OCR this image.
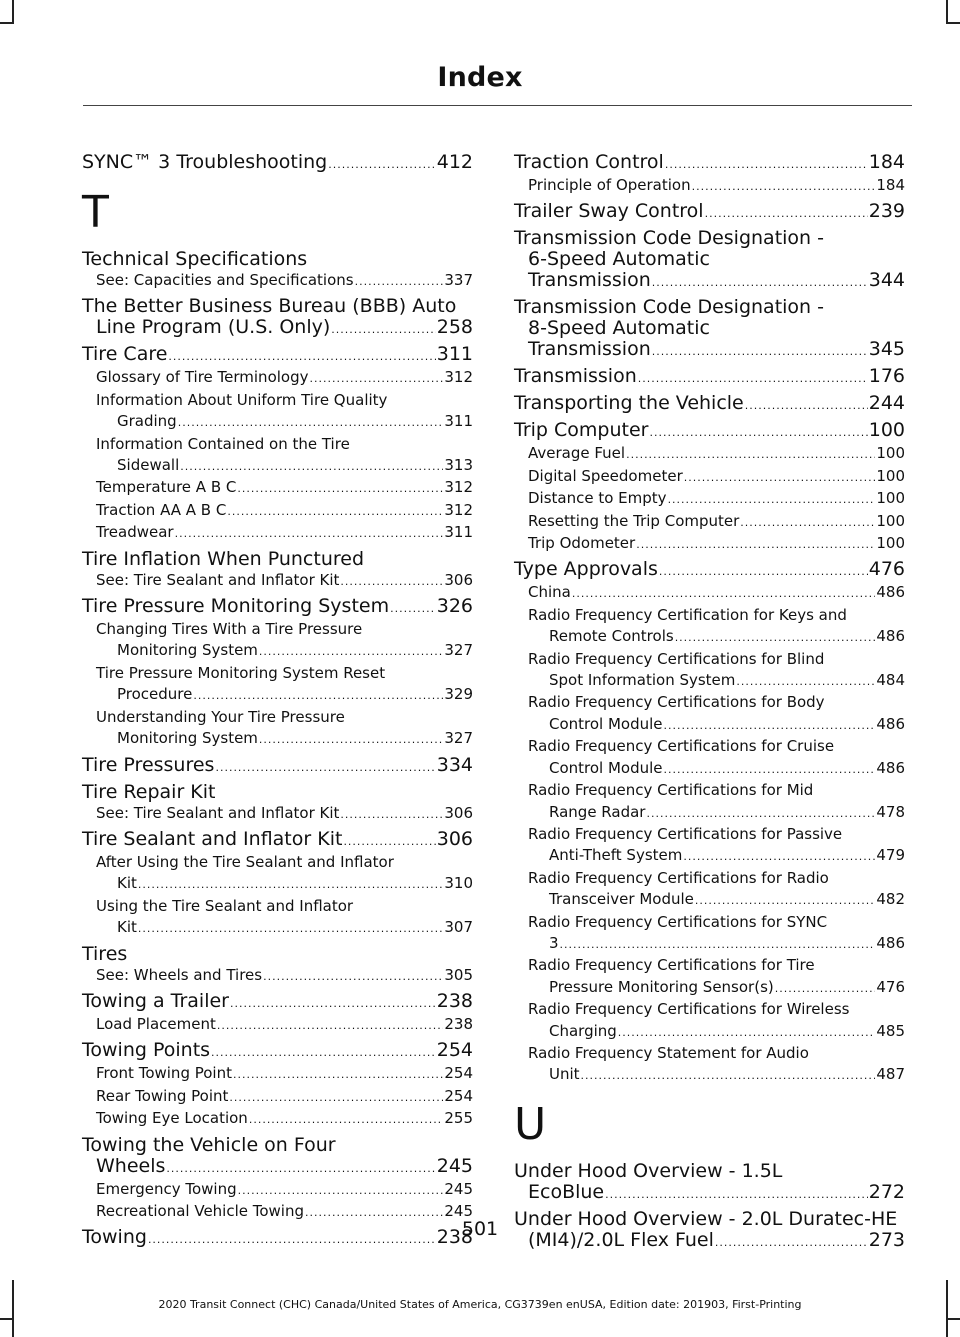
Index
SYNC™ 3 Troubleshooting .....	412
T
Technical Specifications
See: Capacities and Specifications .....	337
The Better Business Bureau (BBB) Auto
Line Program (U.S. Only) .....	258
Tire Care .....	311
Glossary of Tire Terminology .....	312
Information About Uniform Tire Quality
Grading .....	311
Information Contained on the Tire
Sidewall .....	313
Temperature A B C .....	312
Traction AA A B C .....	312
Treadwear .....	311
Tire Inflation When Punctured
See: Tire Sealant and Inflator Kit .....	306
Tire Pressure Monitoring System .....	326
Changing Tires With a Tire Pressure
Monitoring System .....	327
Tire Pressure Monitoring System Reset
Procedure .....	329
Understanding Your Tire Pressure
Monitoring System .....	327
Tire Pressures .....	334
Tire Repair Kit
See: Tire Sealant and Inflator Kit .....	306
Tire Sealant and Inflator Kit .....	306
After Using the Tire Sealant and Inflator
Kit .....	310
Using the Tire Sealant and Inflator
Kit .....	307
Tires
See: Wheels and Tires .....	305
Towing a Trailer .....	238
Load Placement .....	238
Towing Points .....	254
Front Towing Point .....	254
Rear Towing Point .....	254
Towing Eye Location .....	255
Towing the Vehicle on Four
Wheels .....	245
Emergency Towing .....	245
Recreational Vehicle Towing .....	245
Towing .....	238
Traction Control .....	184
Principle of Operation .....	184
Trailer Sway Control .....	239
Transmission Code Designation -
6-Speed Automatic
Transmission .....	344
Transmission Code Designation -
8-Speed Automatic
Transmission .....	345
Transmission .....	176
Transporting the Vehicle .....	244
Trip Computer .....	100
Average Fuel .....	100
Digital Speedometer .....	100
Distance to Empty .....	100
Resetting the Trip Computer .....	100
Trip Odometer .....	100
Type Approvals .....	476
China .....	486
Radio Frequency Certification for Keys and
Remote Controls .....	486
Radio Frequency Certifications for Blind
Spot Information System .....	484
Radio Frequency Certifications for Body
Control Module .....	486
Radio Frequency Certifications for Cruise
Control Module .....	486
Radio Frequency Certifications for Mid
Range Radar .....	478
Radio Frequency Certifications for Passive
Anti-Theft System .....	479
Radio Frequency Certifications for Radio
Transceiver Module .....	482
Radio Frequency Certifications for SYNC
3 .....	486
Radio Frequency Certifications for Tire
Pressure Monitoring Sensor(s) .....	476
Radio Frequency Certifications for Wireless
Charging .....	485
Radio Frequency Statement for Audio
Unit .....	487
U
Under Hood Overview - 1.5L
EcoBlue .....	272
Under Hood Overview - 2.0L Duratec-HE
(MI4)/2.0L Flex Fuel .....	273
501
2020 Transit Connect (CHC) Canada/United States of America, CG3739en enUSA, Edition date: 201903, First-Printing
